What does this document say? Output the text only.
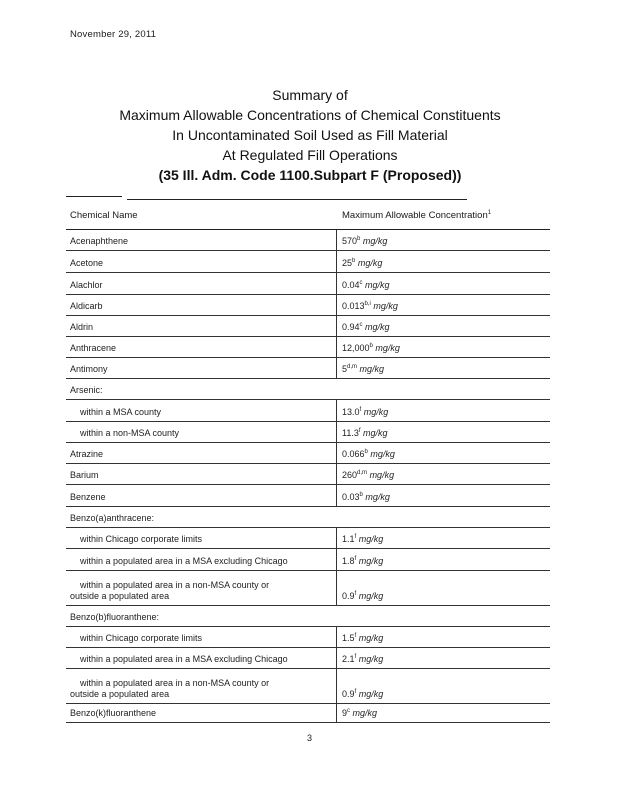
November 29, 2011
Summary of
Maximum Allowable Concentrations of Chemical Constituents
In Uncontaminated Soil Used as Fill Material
At Regulated Fill Operations
(35 Ill. Adm. Code 1100.Subpart F (Proposed))
Chemical Name	Maximum Allowable Concentration$^1$
Acenaphthene	570$^b$ mg/kg
Acetone	25$^b$ mg/kg
Alachlor	0.04$^c$ mg/kg
Aldicarb	0.013$^{b,i}$ mg/kg
Aldrin	0.94$^c$ mg/kg
Anthracene	12,000$^b$ mg/kg
Antimony	5$^{d,m}$ mg/kg
Arsenic:
within a MSA county	13.0$^f$ mg/kg
within a non-MSA county	11.3$^f$ mg/kg
Atrazine	0.066$^b$ mg/kg
Barium	260$^{d,m}$ mg/kg
Benzene	0.03$^b$ mg/kg
Benzo(a)anthracene:
within Chicago corporate limits	1.1$^f$ mg/kg
within a populated area in a MSA excluding Chicago	1.8$^f$ mg/kg
within a populated area in a non-MSA county or
outside a populated area	0.9$^f$ mg/kg
Benzo(b)fluoranthene:
within Chicago corporate limits	1.5$^f$ mg/kg
within a populated area in a MSA excluding Chicago	2.1$^f$ mg/kg
within a populated area in a non-MSA county or
outside a populated area	0.9$^f$ mg/kg
Benzo(k)fluoranthene	9$^c$ mg/kg
3
